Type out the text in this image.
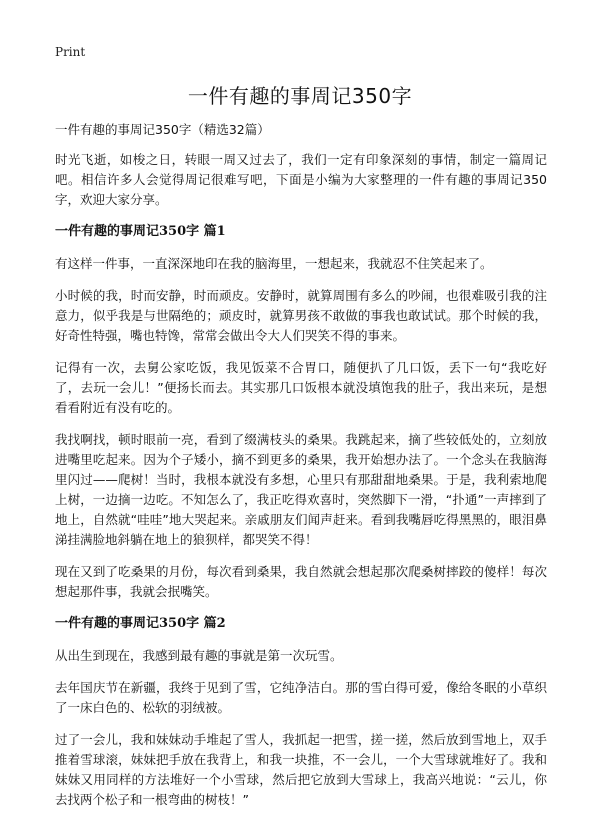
Print
一件有趣的事周记350字

一件有趣的事周记350字（精选32篇）

时光飞逝，如梭之日，转眼一周又过去了，我们一定有印象深刻的事情，制定一篇周记吧。相信许多人会觉得周记很难写吧，下面是小编为大家整理的一件有趣的事周记350字，欢迎大家分享。

一件有趣的事周记350字 篇1

有这样一件事，一直深深地印在我的脑海里，一想起来，我就忍不住笑起来了。

小时候的我，时而安静，时而顽皮。安静时，就算周围有多么的吵闹，也很难吸引我的注意力，似乎我是与世隔绝的；顽皮时，就算男孩不敢做的事我也敢试试。那个时候的我，好奇性特强，嘴也特馋，常常会做出令大人们哭笑不得的事来。

记得有一次，去舅公家吃饭，我见饭菜不合胃口，随便扒了几口饭，丢下一句“我吃好了，去玩一会儿！”便扬长而去。其实那几口饭根本就没填饱我的肚子，我出来玩，是想看看附近有没有吃的。

我找啊找，顿时眼前一亮，看到了缀满枝头的桑果。我跳起来，摘了些较低处的，立刻放进嘴里吃起来。因为个子矮小，摘不到更多的桑果，我开始想办法了。一个念头在我脑海里闪过——爬树！当时，我根本就没有多想，心里只有那甜甜地桑果。于是，我利索地爬上树，一边摘一边吃。不知怎么了，我正吃得欢喜时，突然脚下一滑，“扑通”一声摔到了地上，自然就“哇哇”地大哭起来。亲戚朋友们闻声赶来。看到我嘴唇吃得黑黑的，眼泪鼻涕挂满脸地斜躺在地上的狼狈样，都哭笑不得！

现在又到了吃桑果的月份，每次看到桑果，我自然就会想起那次爬桑树摔跤的傻样！每次想起那件事，我就会抿嘴笑。

一件有趣的事周记350字 篇2

从出生到现在，我感到最有趣的事就是第一次玩雪。

去年国庆节在新疆，我终于见到了雪，它纯净洁白。那的雪白得可爱，像给冬眠的小草织了一床白色的、松软的羽绒被。

过了一会儿，我和妹妹动手堆起了雪人，我抓起一把雪，搓一搓，然后放到雪地上，双手推着雪球滚，妹妹把手放在我背上，和我一块推，不一会儿，一个大雪球就堆好了。我和妹妹又用同样的方法堆好一个小雪球，然后把它放到大雪球上，我高兴地说：“云儿，你去找两个松子和一根弯曲的树枝！”
